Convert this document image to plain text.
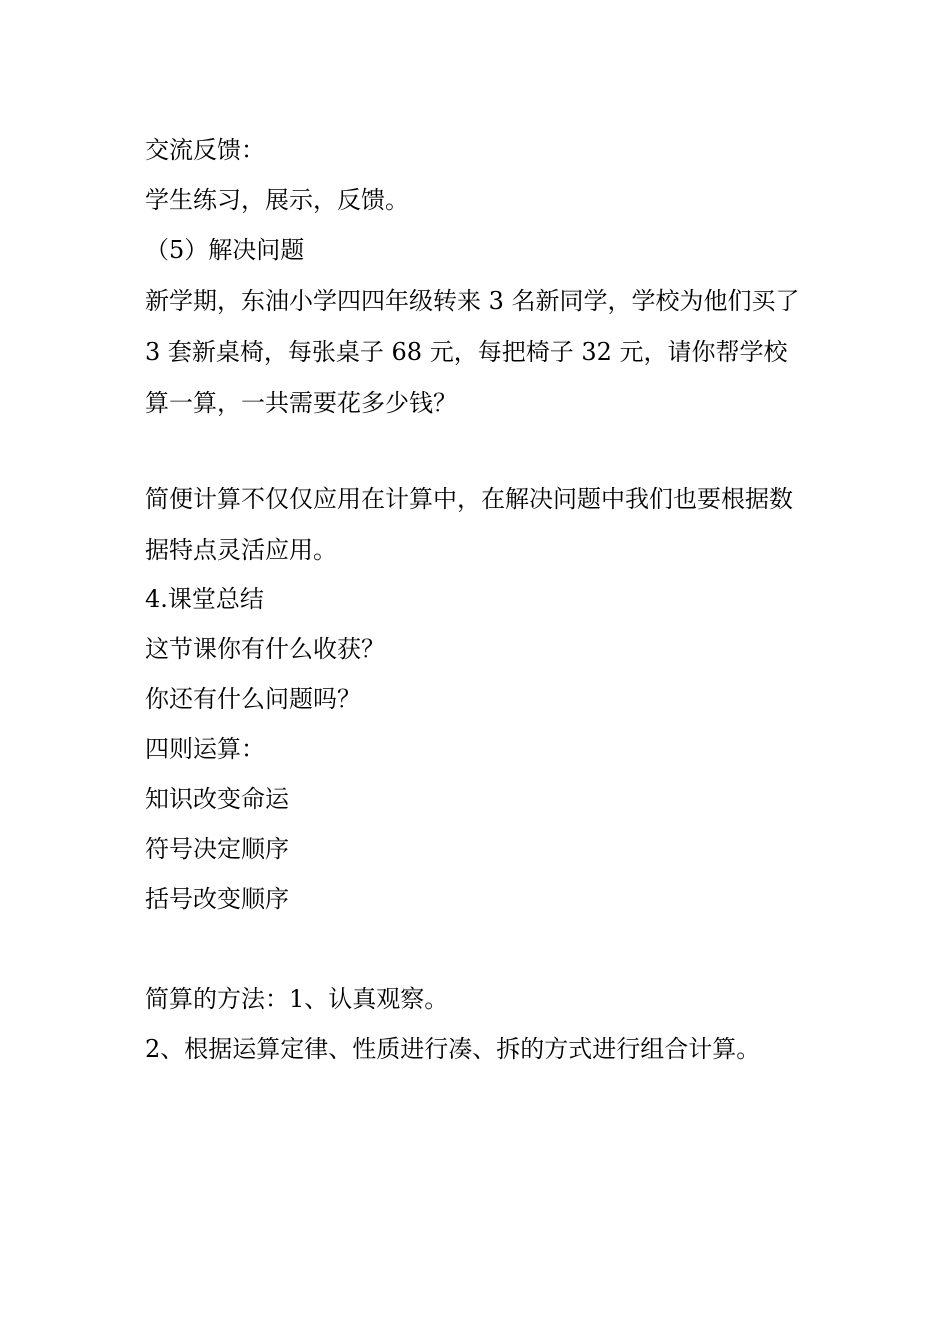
交流反馈：

学生练习，展示，反馈。

（5）解决问题

新学期，东油小学四四年级转来 3 名新同学，学校为他们买了 3 套新桌椅，每张桌子 68 元，每把椅子 32 元，请你帮学校算一算，一共需要花多少钱？

简便计算不仅仅应用在计算中，在解决问题中我们也要根据数据特点灵活应用。

4.课堂总结

这节课你有什么收获？

你还有什么问题吗？

四则运算：

知识改变命运

符号决定顺序

括号改变顺序

简算的方法：1、认真观察。

2、根据运算定律、性质进行凑、拆的方式进行组合计算。
